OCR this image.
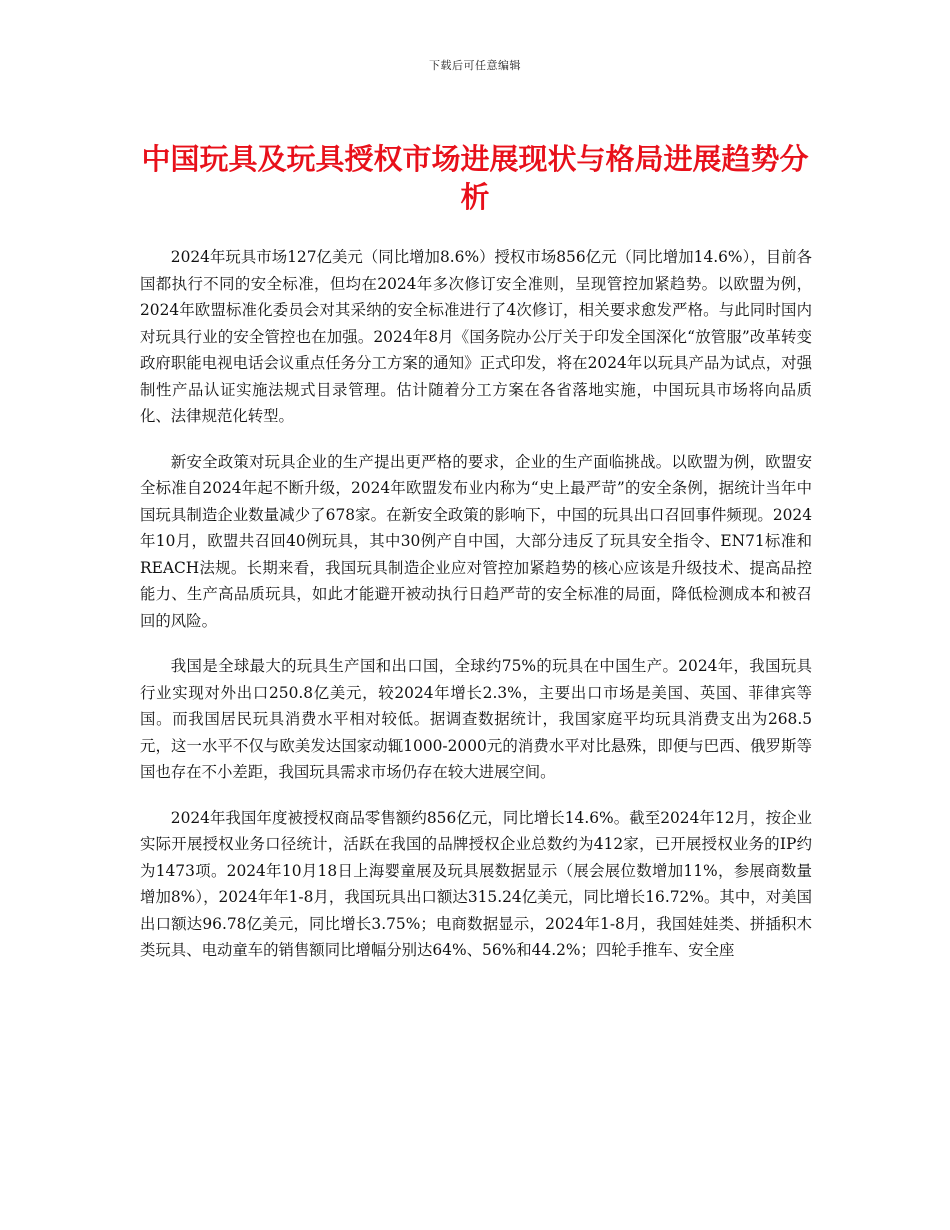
下载后可任意编辑
中国玩具及玩具授权市场进展现状与格局进展趋势分析

2024年玩具市场127亿美元（同比增加8.6%）授权市场856亿元（同比增加14.6%），目前各国都执行不同的安全标准，但均在2024年多次修订安全准则，呈现管控加紧趋势。以欧盟为例，2024年欧盟标准化委员会对其采纳的安全标准进行了4次修订，相关要求愈发严格。与此同时国内对玩具行业的安全管控也在加强。2024年8月《国务院办公厅关于印发全国深化“放管服”改革转变政府职能电视电话会议重点任务分工方案的通知》正式印发，将在2024年以玩具产品为试点，对强制性产品认证实施法规式目录管理。估计随着分工方案在各省落地实施，中国玩具市场将向品质化、法律规范化转型。

新安全政策对玩具企业的生产提出更严格的要求，企业的生产面临挑战。以欧盟为例，欧盟安全标准自2024年起不断升级，2024年欧盟发布业内称为“史上最严苛”的安全条例，据统计当年中国玩具制造企业数量减少了678家。在新安全政策的影响下，中国的玩具出口召回事件频现。2024年10月，欧盟共召回40例玩具，其中30例产自中国，大部分违反了玩具安全指令、EN71标准和REACH法规。长期来看，我国玩具制造企业应对管控加紧趋势的核心应该是升级技术、提高品控能力、生产高品质玩具，如此才能避开被动执行日趋严苛的安全标准的局面，降低检测成本和被召回的风险。

我国是全球最大的玩具生产国和出口国，全球约75%的玩具在中国生产。2024年，我国玩具行业实现对外出口250.8亿美元，较2024年增长2.3%，主要出口市场是美国、英国、菲律宾等国。而我国居民玩具消费水平相对较低。据调查数据统计，我国家庭平均玩具消费支出为268.5元，这一水平不仅与欧美发达国家动辄1000-2000元的消费水平对比悬殊，即便与巴西、俄罗斯等国也存在不小差距，我国玩具需求市场仍存在较大进展空间。

2024年我国年度被授权商品零售额约856亿元，同比增长14.6%。截至2024年12月，按企业实际开展授权业务口径统计，活跃在我国的品牌授权企业总数约为412家，已开展授权业务的IP约为1473项。2024年10月18日上海婴童展及玩具展数据显示（展会展位数增加11%，参展商数量增加8%），2024年年1-8月，我国玩具出口额达315.24亿美元，同比增长16.72%。其中，对美国出口额达96.78亿美元，同比增长3.75%；电商数据显示，2024年1-8月，我国娃娃类、拼插积木类玩具、电动童车的销售额同比增幅分别达64%、56%和44.2%；四轮手推车、安全座
